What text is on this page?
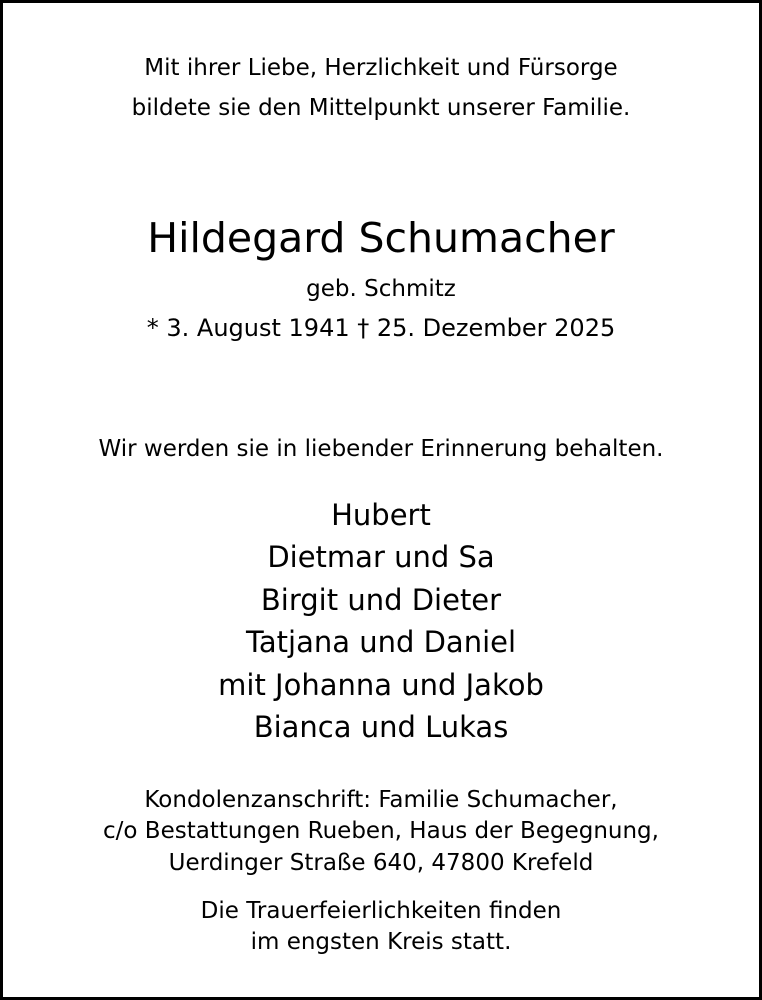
Mit ihrer Liebe, Herzlichkeit und Fürsorge
bildete sie den Mittelpunkt unserer Familie.
Hildegard Schumacher
geb. Schmitz
* 3. August 1941 † 25. Dezember 2025
Wir werden sie in liebender Erinnerung behalten.
Hubert
Dietmar und Sa
Birgit und Dieter
Tatjana und Daniel
mit Johanna und Jakob
Bianca und Lukas
Kondolenzanschrift: Familie Schumacher,
c/o Bestattungen Rueben, Haus der Begegnung,
Uerdinger Straße 640, 47800 Krefeld
Die Trauerfeierlichkeiten finden
im engsten Kreis statt.
